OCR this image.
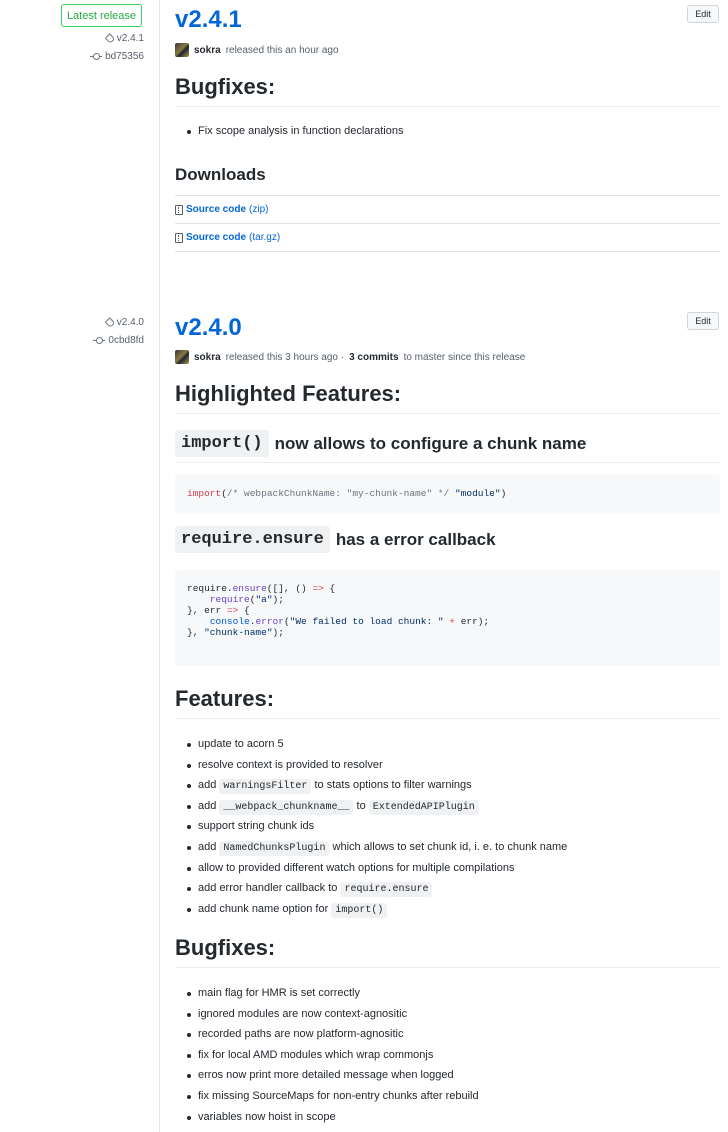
Latest release
v2.4.1
bd75356
v2.4.1	Edit
sokra released this an hour ago
Bugfixes:
Fix scope analysis in function declarations
Downloads
Source code (zip)
Source code (tar.gz)
v2.4.0
0cbd8fd v2.4.0	Edit
sokra released this 3 hours ago · 3 commits to master since this release
Highlighted Features:
import() now allows to configure a chunk name
import(/* webpackChunkName: "my-chunk-name" */ "module")
require.ensure has a error callback
require.ensure([], () => {
require("a");
}, err => {
console.error("We failed to load chunk: " + err);
}, "chunk-name");
Features:
update to acorn 5
resolve context is provided to resolver
add warningsFilter to stats options to filter warnings
add __webpack_chunkname__ to ExtendedAPIPlugin
support string chunk ids
add NamedChunksPlugin which allows to set chunk id, i. e. to chunk name
allow to provided different watch options for multiple compilations
add error handler callback to require.ensure
add chunk name option for import()
Bugfixes:
main flag for HMR is set correctly
ignored modules are now context-agnositic
recorded paths are now platform-agnositic
fix for local AMD modules which wrap commonjs
erros now print more detailed message when logged
fix missing SourceMaps for non-entry chunks after rebuild
variables now hoist in scope
